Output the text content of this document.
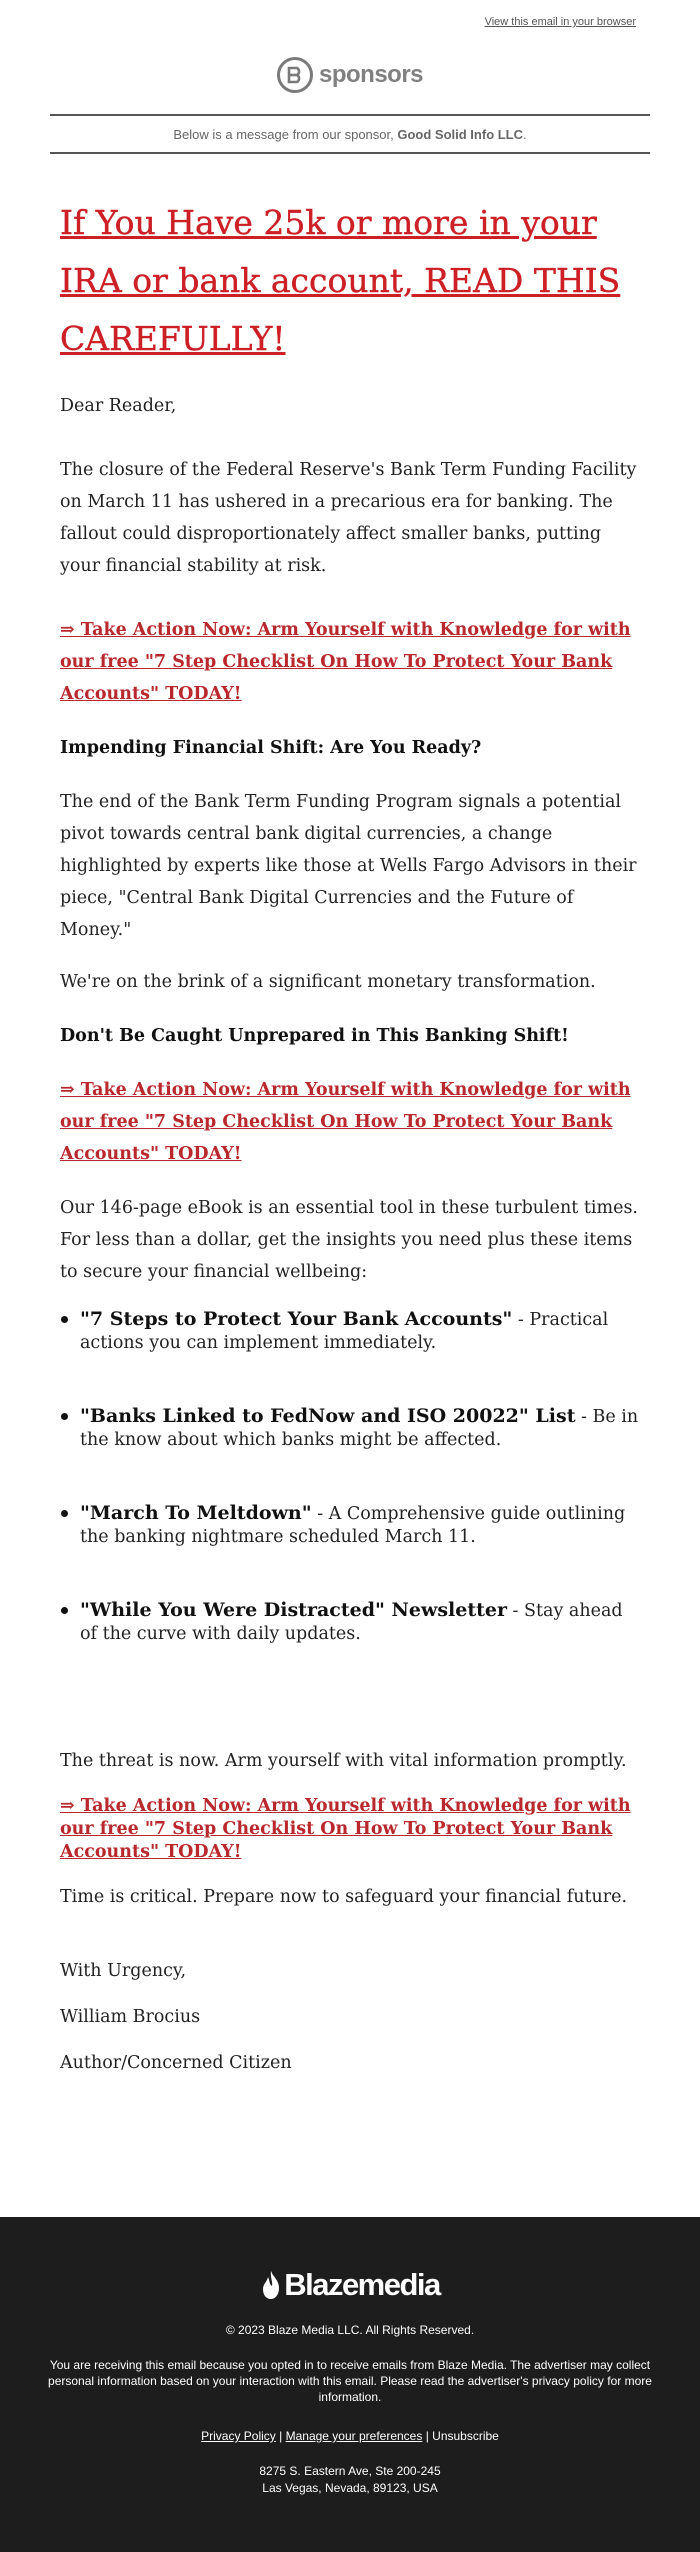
View this email in your browser
sponsors
Below is a message from our sponsor,
Good Solid Info LLC .
If You Have 25k or more in your IRA or bank account, READ THIS CAREFULLY!

Dear Reader,

The closure of the Federal Reserve's Bank Term Funding Facility on March 11 has ushered in a precarious era for banking. The fallout could disproportionately affect smaller banks, putting your financial stability at risk.

⇒ Take Action Now: Arm Yourself with Knowledge for with our free "7 Step Checklist On How To Protect Your Bank Accounts" TODAY!

Impending Financial Shift: Are You Ready?

The end of the Bank Term Funding Program signals a potential pivot towards central bank digital currencies, a change highlighted by experts like those at Wells Fargo Advisors in their piece, "Central Bank Digital Currencies and the Future of Money."

We're on the brink of a significant monetary transformation.

Don't Be Caught Unprepared in This Banking Shift!

⇒ Take Action Now: Arm Yourself with Knowledge for with our free "7 Step Checklist On How To Protect Your Bank Accounts" TODAY!

Our 146-page eBook is an essential tool in these turbulent times. For less than a dollar, get the insights you need plus these items to secure your financial wellbeing:

"7 Steps to Protect Your Bank Accounts" - Practical actions you can implement immediately.
"Banks Linked to FedNow and ISO 20022" List - Be in the know about which banks might be affected.
"March To Meltdown" - A Comprehensive guide outlining the banking nightmare scheduled March 11.
"While You Were Distracted" Newsletter - Stay ahead of the curve with daily updates.

The threat is now. Arm yourself with vital information promptly.

⇒ Take Action Now: Arm Yourself with Knowledge for with our free "7 Step Checklist On How To Protect Your Bank Accounts" TODAY!

Time is critical. Prepare now to safeguard your financial future.

With Urgency,

William Brocius

Author/Concerned Citizen

Blazemedia
© 2023 Blaze Media LLC. All Rights Reserved.
You are receiving this email because you opted in to receive emails from Blaze Media. The advertiser may collect personal information based on your interaction with this email. Please read the advertiser's privacy policy for more information.
Privacy Policy | Manage your preferences | Unsubscribe
8275 S. Eastern Ave, Ste 200-245
Las Vegas, Nevada, 89123, USA
